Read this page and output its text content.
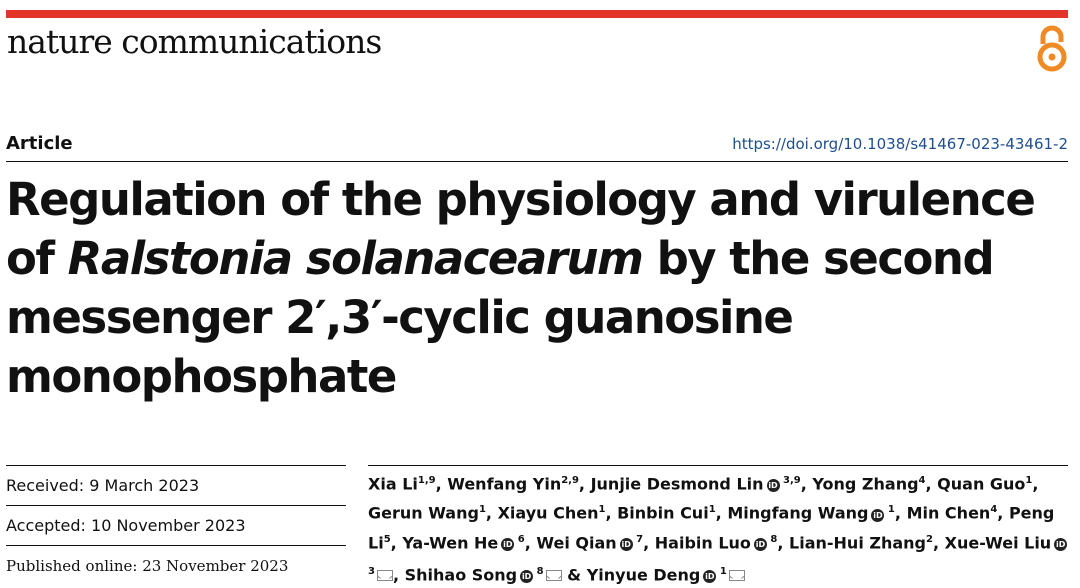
nature communications
Article	https://doi.org/10.1038/s41467-023-43461-2
Regulation of the physiology and virulence of Ralstonia solanacearum by the second messenger 2′,3′-cyclic guanosine monophosphate
Received: 9 March 2023
Accepted: 10 November 2023
Published online: 23 November 2023
Xia Li$^{1,9}$, Wenfang Yin$^{2,9}$, Junjie Desmond Lin iD $^{3,9}$, Yong Zhang$^4$, Quan Guo$^1$, Gerun Wang$^1$, Xiayu Chen$^1$, Binbin Cui$^1$, Mingfang Wang iD $^1$, Min Chen$^4$, Peng Li$^5$, Ya-Wen He iD $^6$, Wei Qian iD $^7$, Haibin Luo iD $^8$, Lian-Hui Zhang$^2$, Xue-Wei Liu iD $^3$ , Shihao Song iD $^8$ & Yinyue Deng iD $^1$
